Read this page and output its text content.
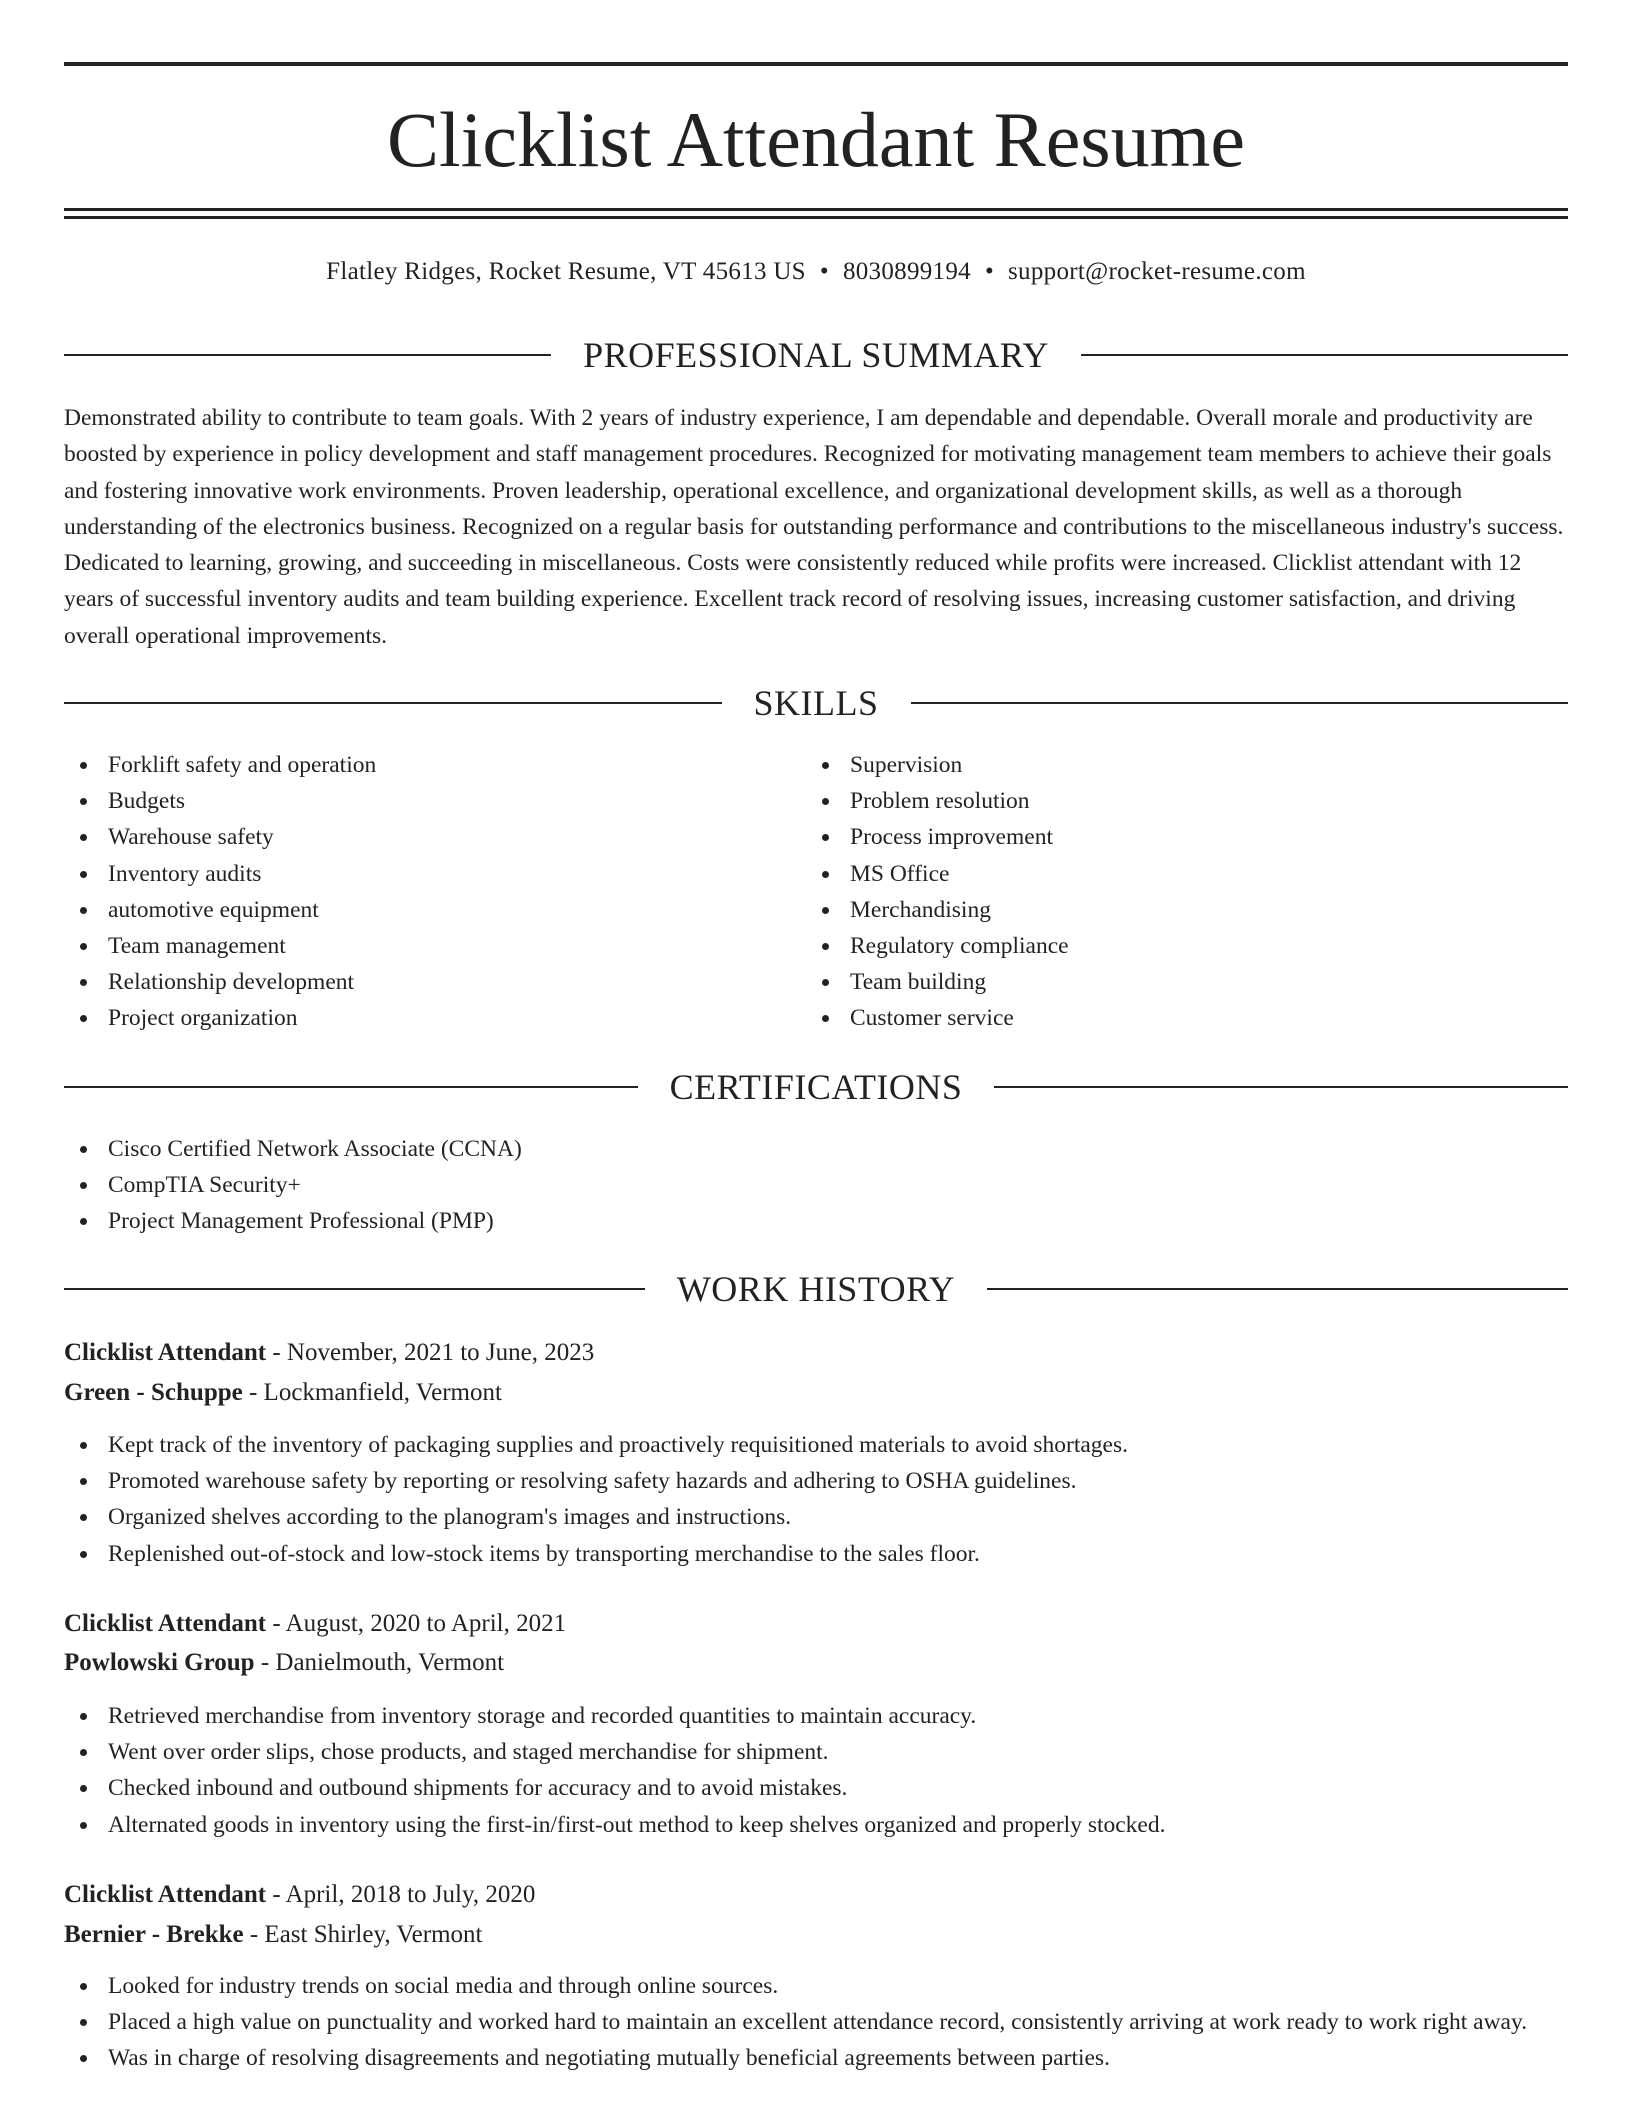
Clicklist Attendant Resume
Flatley Ridges, Rocket Resume, VT 45613 US • 8030899194 • support@rocket-resume.com
PROFESSIONAL SUMMARY

Demonstrated ability to contribute to team goals. With 2 years of industry experience, I am dependable and dependable. Overall morale and productivity are boosted by experience in policy development and staff management procedures. Recognized for motivating management team members to achieve their goals and fostering innovative work environments. Proven leadership, operational excellence, and organizational development skills, as well as a thorough understanding of the electronics business. Recognized on a regular basis for outstanding performance and contributions to the miscellaneous industry's success. Dedicated to learning, growing, and succeeding in miscellaneous. Costs were consistently reduced while profits were increased. Clicklist attendant with 12 years of successful inventory audits and team building experience. Excellent track record of resolving issues, increasing customer satisfaction, and driving overall operational improvements.

SKILLS
Forklift safety and operation
Budgets
Warehouse safety
Inventory audits
automotive equipment
Team management
Relationship development
Project organization
Supervision
Problem resolution
Process improvement
MS Office
Merchandising
Regulatory compliance
Team building
Customer service
CERTIFICATIONS
Cisco Certified Network Associate (CCNA)
CompTIA Security+
Project Management Professional (PMP)
WORK HISTORY
Clicklist Attendant - November, 2021 to June, 2023
Green - Schuppe - Lockmanfield, Vermont
Kept track of the inventory of packaging supplies and proactively requisitioned materials to avoid shortages.
Promoted warehouse safety by reporting or resolving safety hazards and adhering to OSHA guidelines.
Organized shelves according to the planogram's images and instructions.
Replenished out-of-stock and low-stock items by transporting merchandise to the sales floor.
Clicklist Attendant - August, 2020 to April, 2021
Powlowski Group - Danielmouth, Vermont
Retrieved merchandise from inventory storage and recorded quantities to maintain accuracy.
Went over order slips, chose products, and staged merchandise for shipment.
Checked inbound and outbound shipments for accuracy and to avoid mistakes.
Alternated goods in inventory using the first-in/first-out method to keep shelves organized and properly stocked.
Clicklist Attendant - April, 2018 to July, 2020
Bernier - Brekke - East Shirley, Vermont
Looked for industry trends on social media and through online sources.
Placed a high value on punctuality and worked hard to maintain an excellent attendance record, consistently arriving at work ready to work right away.
Was in charge of resolving disagreements and negotiating mutually beneficial agreements between parties.
